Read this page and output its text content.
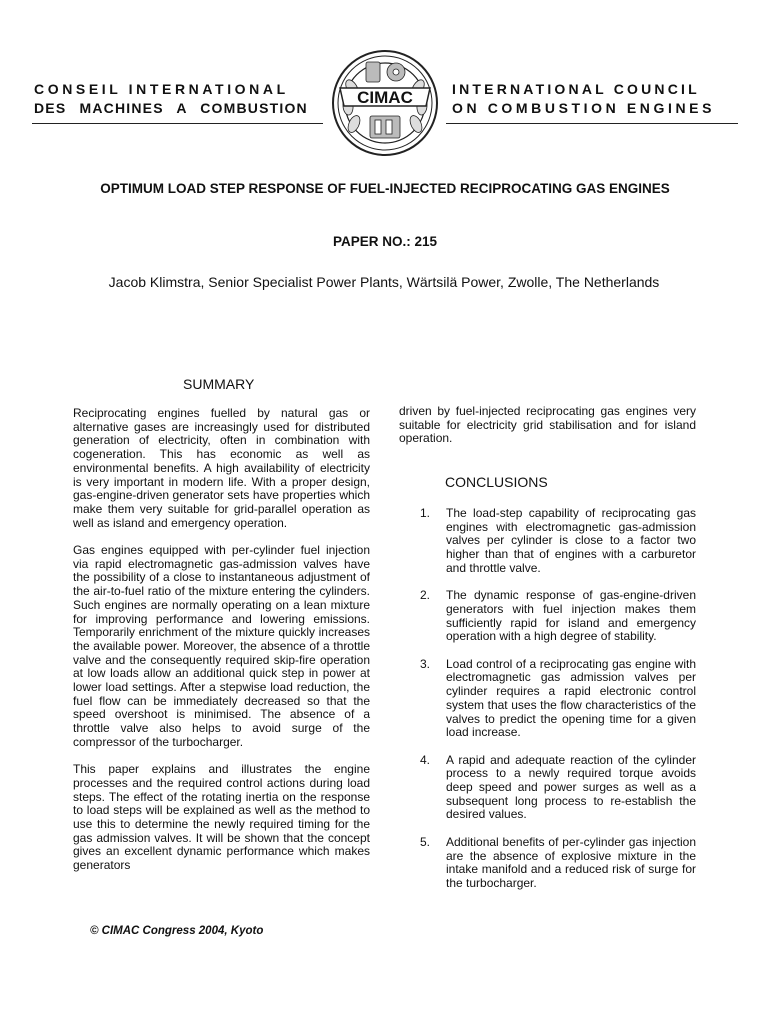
CONSEIL INTERNATIONAL
DES MACHINES A COMBUSTION
CIMAC	INTERNATIONAL COUNCIL
ON COMBUSTION ENGINES
OPTIMUM LOAD STEP RESPONSE OF FUEL-INJECTED RECIPROCATING GAS ENGINES
PAPER NO.: 215
Jacob Klimstra, Senior Specialist Power Plants, Wärtsilä Power, Zwolle, The Netherlands
SUMMARY

Reciprocating engines fuelled by natural gas or alternative gases are increasingly used for distributed generation of electricity, often in combination with cogeneration. This has economic as well as environmental benefits. A high availability of electricity is very important in modern life. With a proper design, gas-engine-driven generator sets have properties which make them very suitable for grid-parallel operation as well as island and emergency operation.

Gas engines equipped with per-cylinder fuel injection via rapid electromagnetic gas-admission valves have the possibility of a close to instantaneous adjustment of the air-to-fuel ratio of the mixture entering the cylinders. Such engines are normally operating on a lean mixture for improving performance and lowering emissions. Temporarily enrichment of the mixture quickly increases the available power. Moreover, the absence of a throttle valve and the consequently required skip-fire operation at low loads allow an additional quick step in power at lower load settings. After a stepwise load reduction, the fuel flow can be immediately decreased so that the speed overshoot is minimised. The absence of a throttle valve also helps to avoid surge of the compressor of the turbocharger.

This paper explains and illustrates the engine processes and the required control actions during load steps. The effect of the rotating inertia on the response to load steps will be explained as well as the method to use this to determine the newly required timing for the gas admission valves. It will be shown that the concept gives an excellent dynamic performance which makes generators

driven by fuel-injected reciprocating gas engines very suitable for electricity grid stabilisation and for island operation.
CONCLUSIONS
1.	The load-step capability of reciprocating gas engines with electromagnetic gas-admission valves per cylinder is close to a factor two higher than that of engines with a carburetor and throttle valve.
2.	The dynamic response of gas-engine-driven generators with fuel injection makes them sufficiently rapid for island and emergency operation with a high degree of stability.
3.	Load control of a reciprocating gas engine with electromagnetic gas admission valves per cylinder requires a rapid electronic control system that uses the flow characteristics of the valves to predict the opening time for a given load increase.
4.	A rapid and adequate reaction of the cylinder process to a newly required torque avoids deep speed and power surges as well as a subsequent long process to re-establish the desired values.
5.	Additional benefits of per-cylinder gas injection are the absence of explosive mixture in the intake manifold and a reduced risk of surge for the turbocharger.
© CIMAC Congress 2004, Kyoto
